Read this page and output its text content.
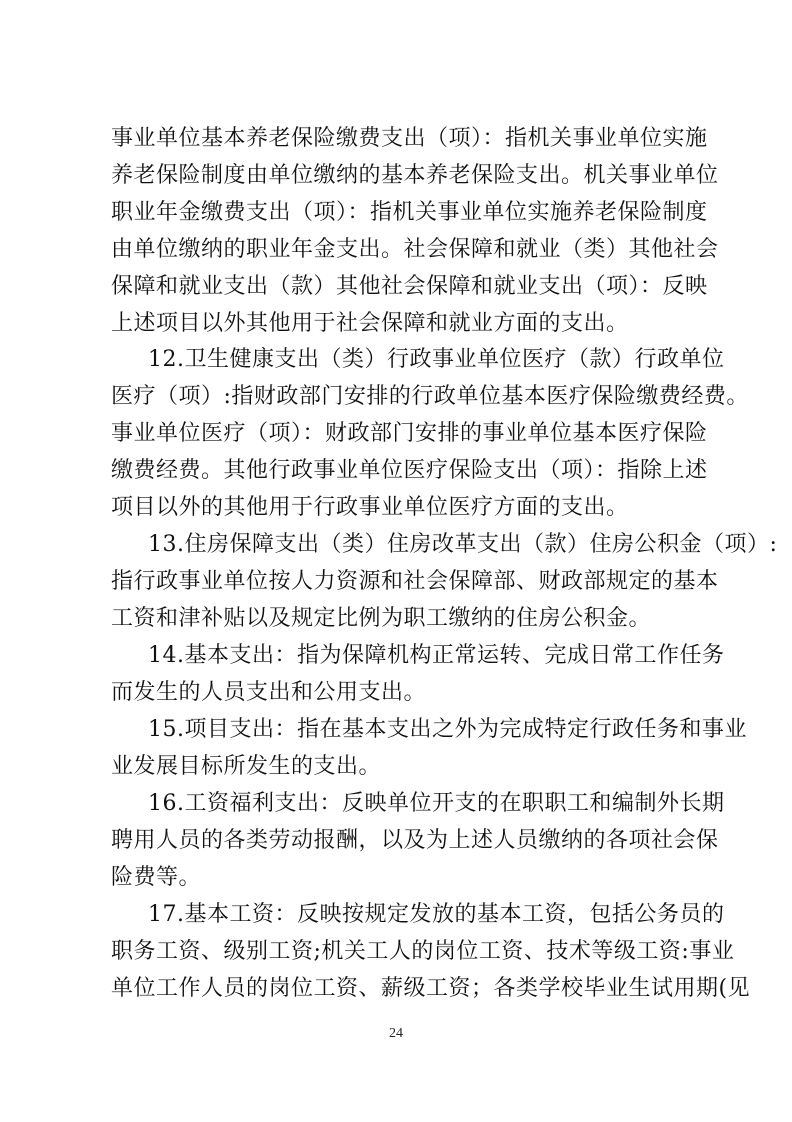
事业单位基本养老保险缴费支出（项）：指机关事业单位实施
养老保险制度由单位缴纳的基本养老保险支出。机关事业单位
职业年金缴费支出（项）：指机关事业单位实施养老保险制度
由单位缴纳的职业年金支出。社会保障和就业（类）其他社会
保障和就业支出（款）其他社会保障和就业支出（项）：反映
上述项目以外其他用于社会保障和就业方面的支出。
12.卫生健康支出（类）行政事业单位医疗（款）行政单位
医疗（项）:指财政部门安排的行政单位基本医疗保险缴费经费。
事业单位医疗（项）：财政部门安排的事业单位基本医疗保险
缴费经费。其他行政事业单位医疗保险支出（项）：指除上述
项目以外的其他用于行政事业单位医疗方面的支出。
13.住房保障支出（类）住房改革支出（款）住房公积金（项）:
指行政事业单位按人力资源和社会保障部、财政部规定的基本
工资和津补贴以及规定比例为职工缴纳的住房公积金。
14.基本支出：指为保障机构正常运转、完成日常工作任务
而发生的人员支出和公用支出。
15.项目支出：指在基本支出之外为完成特定行政任务和事业
业发展目标所发生的支出。
16.工资福利支出：反映单位开支的在职职工和编制外长期
聘用人员的各类劳动报酬，以及为上述人员缴纳的各项社会保
险费等。
17.基本工资：反映按规定发放的基本工资，包括公务员的
职务工资、级别工资;机关工人的岗位工资、技术等级工资:事业
单位工作人员的岗位工资、薪级工资；各类学校毕业生试用期(见
24
